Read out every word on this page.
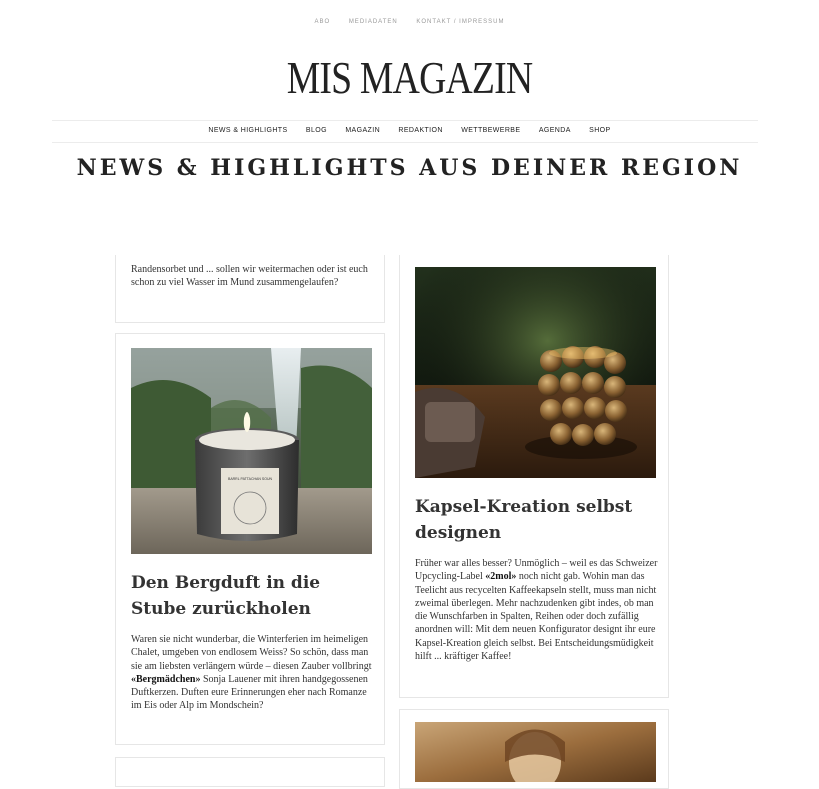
ABO	MEDIADATEN	KONTAKT / IMPRESSUM
MIS MAGAZIN
NEWS & HIGHLIGHTS	BLOG	MAGAZIN	REDAKTION	WETTBEWERBE	AGENDA	SHOP
NEWS & HIGHLIGHTS AUS DEINER REGION
Randensorbet und ... sollen wir weitermachen oder ist euch schon zu viel Wasser im Mund zusammengelaufen?
BARRL PATTACHAN SOUN
Den Bergduft in die Stube zurückholen
Waren sie nicht wunderbar, die Winterferien im heimeligen Chalet, umgeben von endlosem Weiss? So schön, dass man sie am liebsten verlängern würde – diesen Zauber vollbringt «Bergmädchen» Sonja Lauener mit ihren handgegossenen Duftkerzen. Duften eure Erinnerungen eher nach Romanze im Eis oder Alp im Mondschein?
Kapsel-Kreation selbst designen
Früher war alles besser? Unmöglich – weil es das Schweizer Upcycling-Label «2mol» noch nicht gab. Wohin man das Teelicht aus recycelten Kaffeekapseln stellt, muss man nicht zweimal überlegen. Mehr nachzudenken gibt indes, ob man die Wunschfarben in Spalten, Reihen oder doch zufällig anordnen will: Mit dem neuen Konfigurator designt ihr eure Kapsel-Kreation gleich selbst. Bei Entscheidungsmüdigkeit hilft ... kräftiger Kaffee!
